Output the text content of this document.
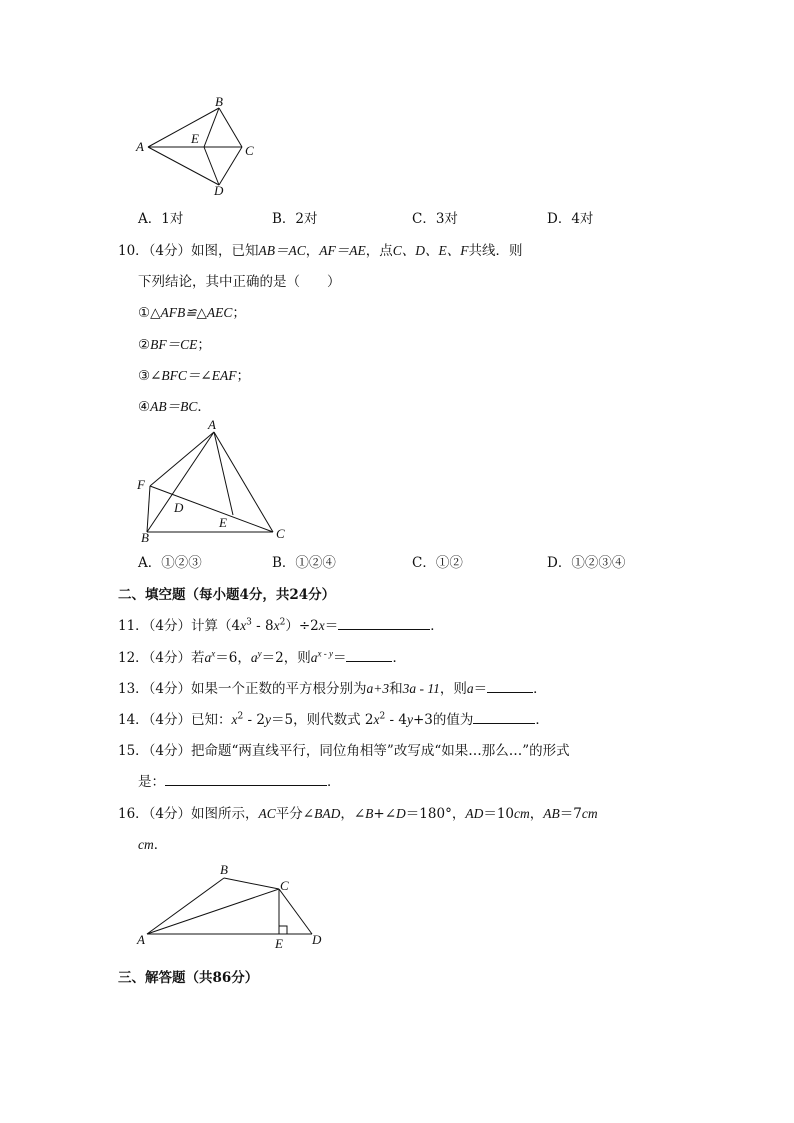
A
B
E
C
D
A．1对	B．2对	C．3对	D．4对
10．（4分）如图，已知AB＝AC，AF＝AE，点C、D、E、F共线．则
下列结论，其中正确的是（　　）
①△AFB≌△AEC；
②BF＝CE；
③∠BFC＝∠EAF；
④AB＝BC．
A
F
D
E
B	C
A．①②③	B．①②④	C．①②	D．①②③④
二、填空题（每小题4分，共24分）
11．（4分）计算$(4x^3 - 8x^2)\div 2x=$	．
12．（4分）若$a^x=6$，$a^y=2$，则$a^{x - y}=$	．
13．（4分）如果一个正数的平方根分别为a+3和3a - 11，则a＝	．
14．（4分）已知：$x^2 - 2y=5$，则代数式 $2x^2 - 4y+3$的值为	．
15．（4分）把命题“两直线平行，同位角相等”改写成“如果…那么…”的形式
是：	．
16．（4分）如图所示，AC平分∠BAD，∠B+∠D＝180°，AD＝10cm，AB＝7cm
cm．
A
B
C
E D
三、解答题（共86分）
